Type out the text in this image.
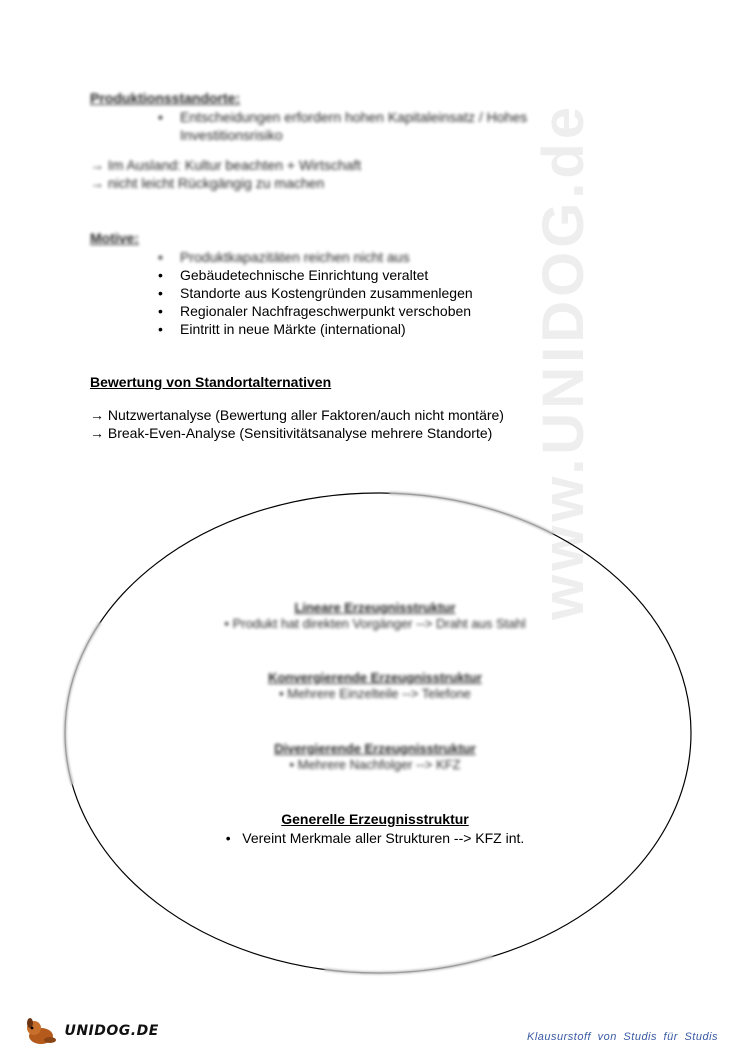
www.UNIDOG.de
Produktionsstandorte:
• Entscheidungen erfordern hohen Kapitaleinsatz / Hohes Investitionsrisiko
→ Im Ausland: Kultur beachten + Wirtschaft
→ nicht leicht Rückgängig zu machen
Motive:
• Produktkapazitäten reichen nicht aus
• Gebäudetechnische Einrichtung veraltet
• Standorte aus Kostengründen zusammenlegen
• Regionaler Nachfrageschwerpunkt verschoben
• Eintritt in neue Märkte (international)
Bewertung von Standortalternativen
→ Nutzwertanalyse (Bewertung aller Faktoren/auch nicht montäre)
→ Break-Even-Analyse (Sensitivitätsanalyse mehrere Standorte)
Lineare Erzeugnisstruktur
• Produkt hat direkten Vorgänger --> Draht aus Stahl
Konvergierende Erzeugnisstruktur
• Mehrere Einzelteile --> Telefone
Divergierende Erzeugnisstruktur
• Mehrere Nachfolger --> KFZ
Generelle Erzeugnisstruktur
•   Vereint Merkmale aller Strukturen --> KFZ int.
UNIDOG.DE	Klausurstoff von Studis für Studis
